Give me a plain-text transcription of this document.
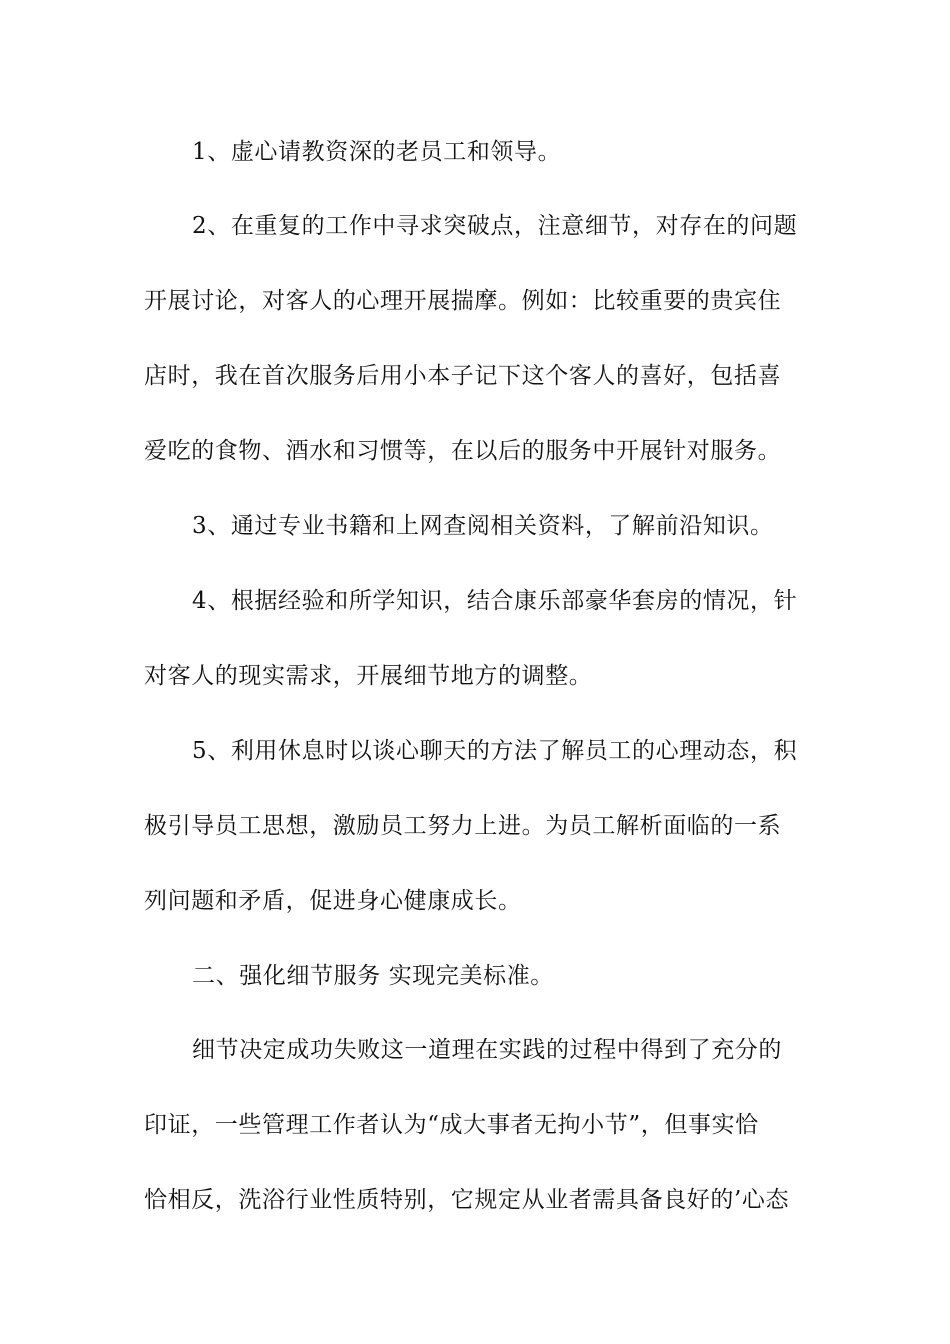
1、虚心请教资深的老员工和领导。
2、在重复的工作中寻求突破点，注意细节，对存在的问题
开展讨论，对客人的心理开展揣摩。例如：比较重要的贵宾住
店时，我在首次服务后用小本子记下这个客人的喜好，包括喜
爱吃的食物、酒水和习惯等，在以后的服务中开展针对服务。
3、通过专业书籍和上网查阅相关资料，了解前沿知识。
4、根据经验和所学知识，结合康乐部豪华套房的情况，针
对客人的现实需求，开展细节地方的调整。
5、利用休息时以谈心聊天的方法了解员工的心理动态，积
极引导员工思想，激励员工努力上进。为员工解析面临的一系
列问题和矛盾，促进身心健康成长。
二、强化细节服务 实现完美标准。
细节决定成功失败这一道理在实践的过程中得到了充分的
印证，一些管理工作者认为“成大事者无拘小节”，但事实恰
恰相反，洗浴行业性质特别，它规定从业者需具备良好的’心态
